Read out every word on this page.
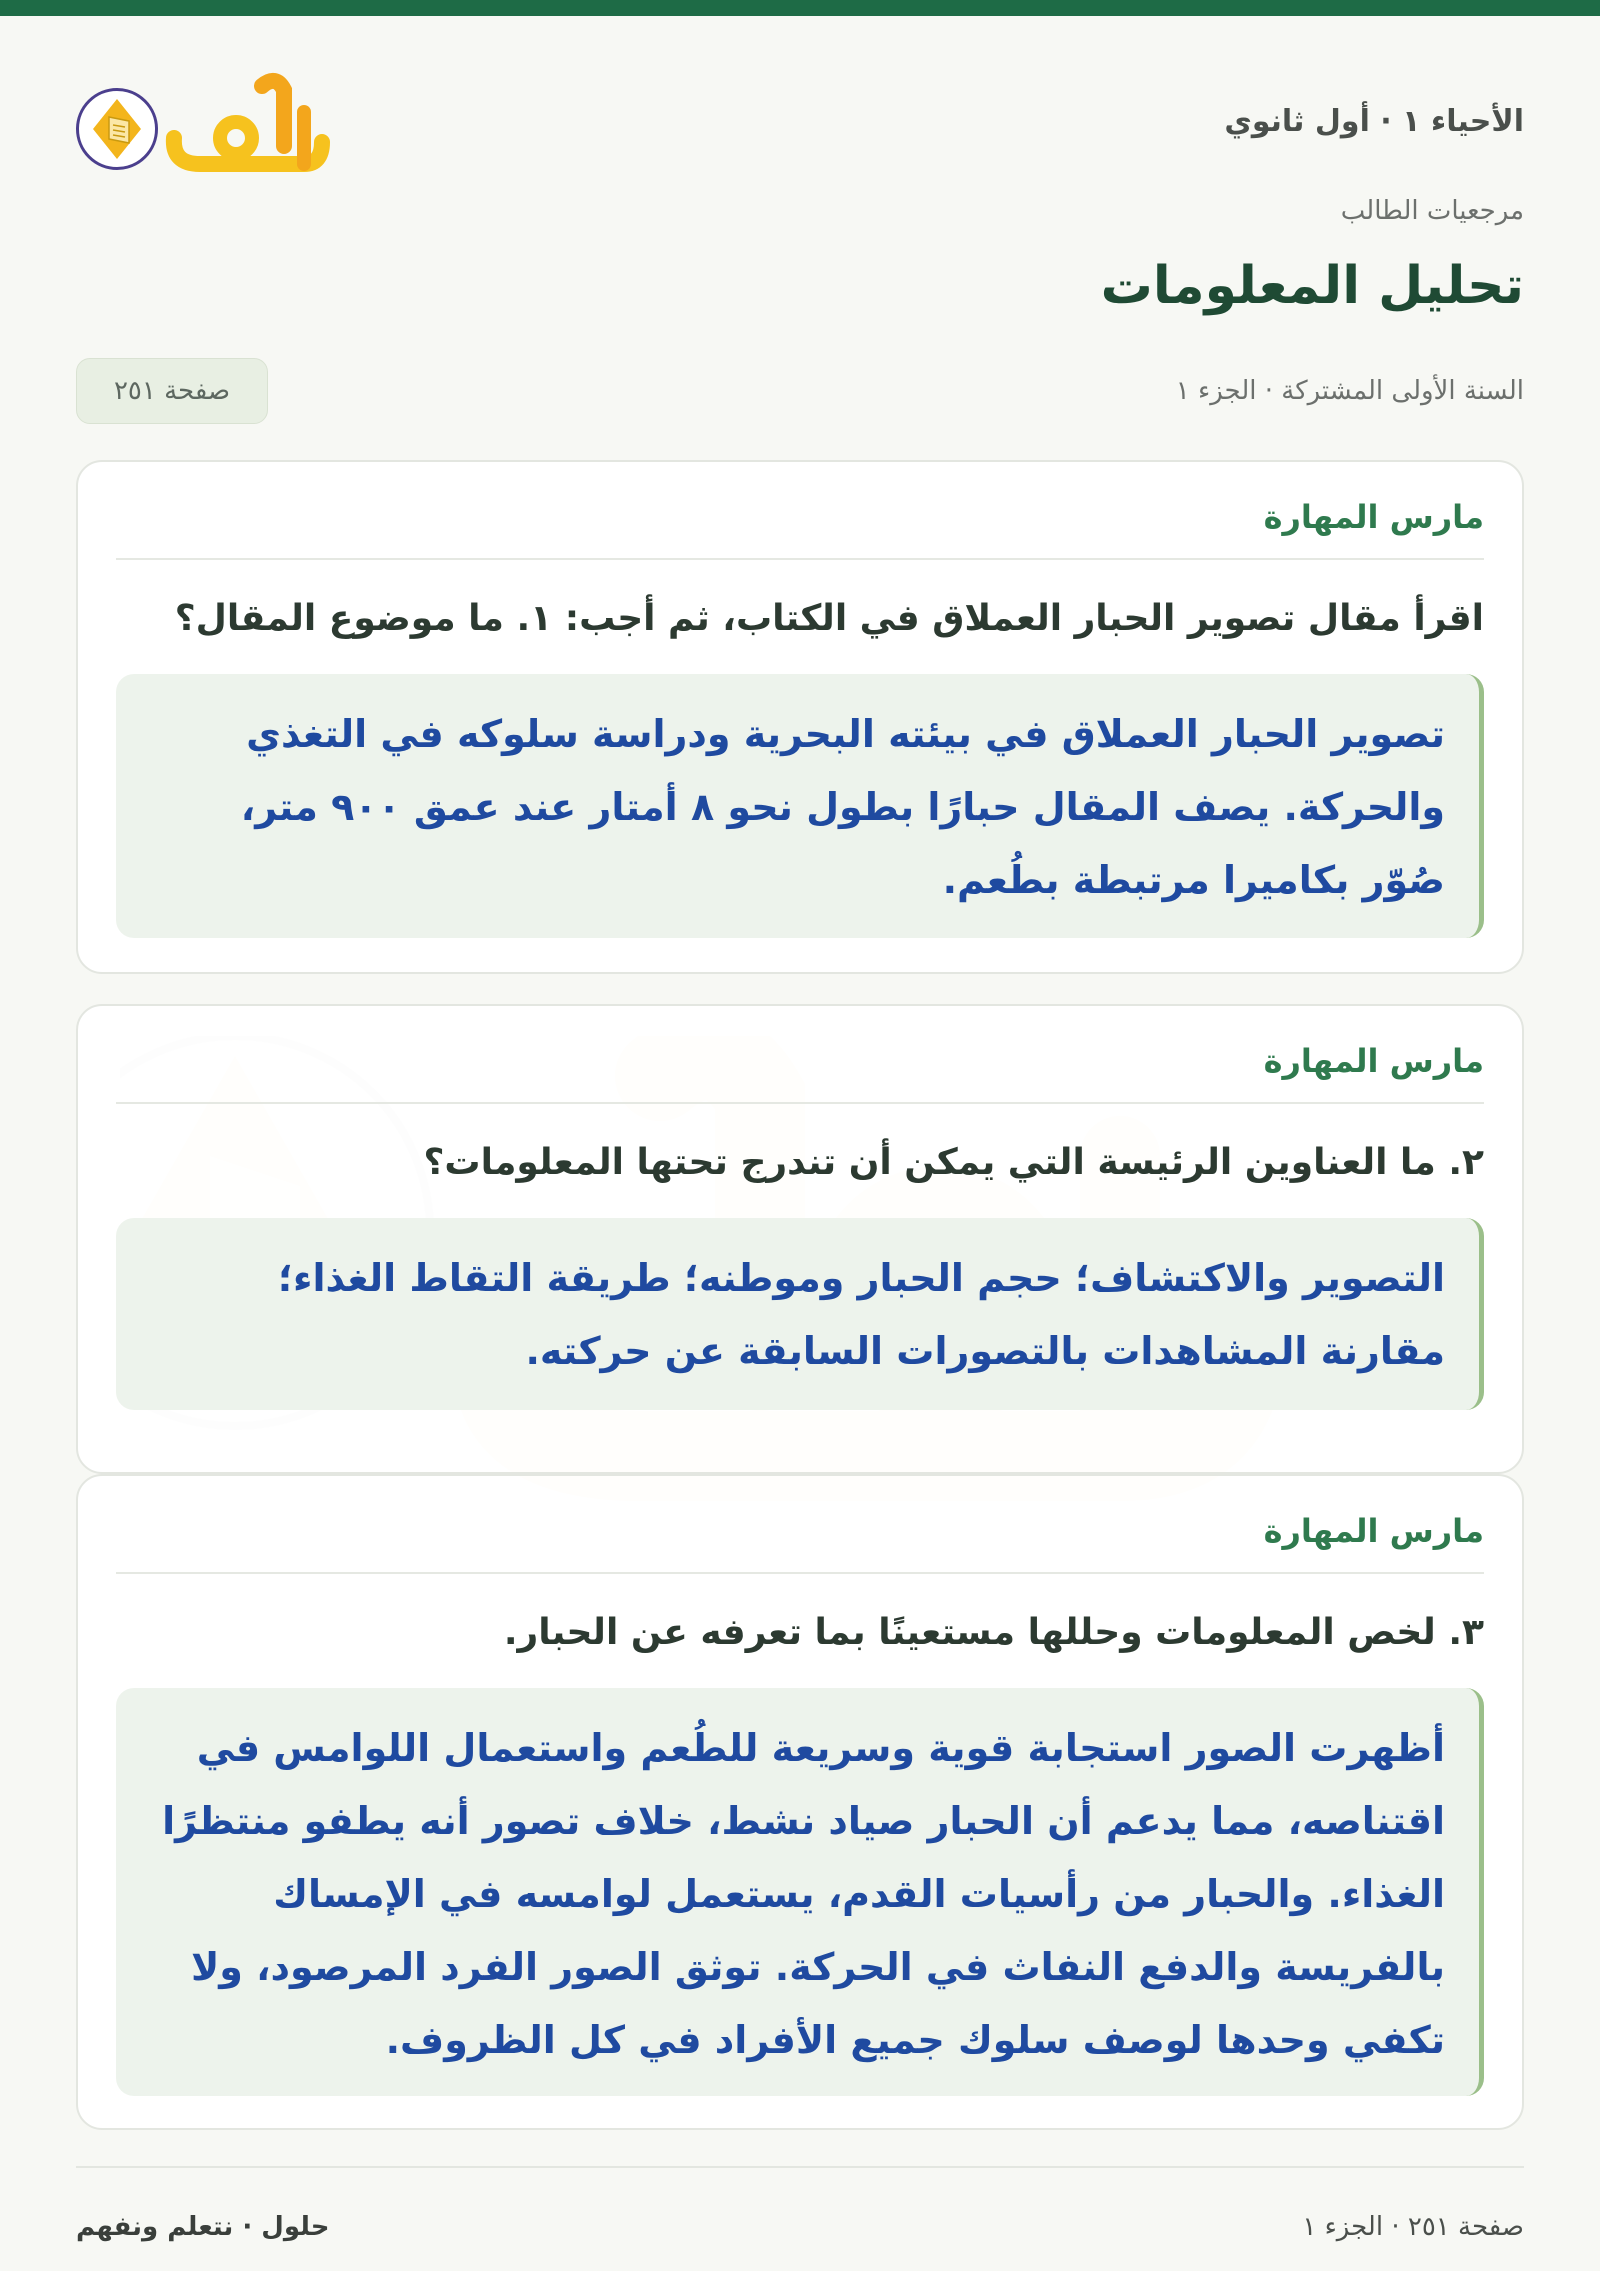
الأحياء ١ · أول ثانوي
مرجعيات الطالب
تحليل المعلومات
السنة الأولى المشتركة · الجزء ١
صفحة ٢٥١
مارس المهارة
اقرأ مقال تصوير الحبار العملاق في الكتاب، ثم أجب: ١. ما موضوع المقال؟
تصوير الحبار العملاق في بيئته البحرية ودراسة سلوكه في التغذي والحركة. يصف المقال حبارًا بطول نحو ٨ أمتار عند عمق ٩٠٠ متر، صُوّر بكاميرا مرتبطة بطُعم.
مارس المهارة
٢. ما العناوين الرئيسة التي يمكن أن تندرج تحتها المعلومات؟
التصوير والاكتشاف؛ حجم الحبار وموطنه؛ طريقة التقاط الغذاء؛ مقارنة المشاهدات بالتصورات السابقة عن حركته.
مارس المهارة
٣. لخص المعلومات وحللها مستعينًا بما تعرفه عن الحبار.
أظهرت الصور استجابة قوية وسريعة للطُعم واستعمال اللوامس في اقتناصه، مما يدعم أن الحبار صياد نشط، خلاف تصور أنه يطفو منتظرًا الغذاء. والحبار من رأسيات القدم، يستعمل لوامسه في الإمساك بالفريسة والدفع النفاث في الحركة. توثق الصور الفرد المرصود، ولا تكفي وحدها لوصف سلوك جميع الأفراد في كل الظروف.
صفحة ٢٥١ · الجزء ١
حلول · نتعلم ونفهم
